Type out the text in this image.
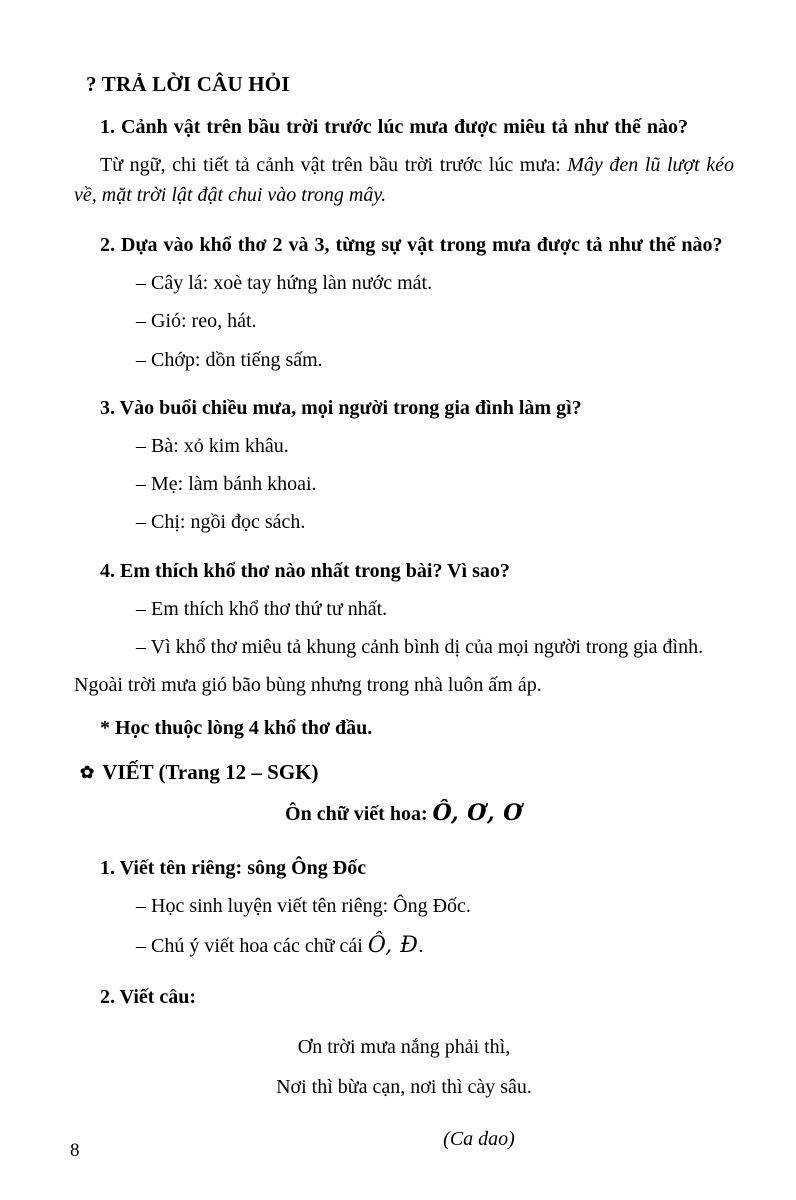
? TRẢ LỜI CÂU HỎI
1. Cảnh vật trên bầu trời trước lúc mưa được miêu tả như thế nào?
Từ ngữ, chi tiết tả cảnh vật trên bầu trời trước lúc mưa: Mây đen lũ lượt kéo về, mặt trời lật đật chui vào trong mây.
2. Dựa vào khổ thơ 2 và 3, từng sự vật trong mưa được tả như thế nào?
– Cây lá: xoè tay hứng làn nước mát.
– Gió: reo, hát.
– Chớp: dồn tiếng sấm.
3. Vào buổi chiều mưa, mọi người trong gia đình làm gì?
– Bà: xỏ kim khâu.
– Mẹ: làm bánh khoai.
– Chị: ngồi đọc sách.
4. Em thích khổ thơ nào nhất trong bài? Vì sao?
– Em thích khổ thơ thứ tư nhất.
– Vì khổ thơ miêu tả khung cảnh bình dị của mọi người trong gia đình.
Ngoài trời mưa gió bão bùng nhưng trong nhà luôn ấm áp.
* Học thuộc lòng 4 khổ thơ đầu.
✿ VIẾT (Trang 12 – SGK)
Ôn chữ viết hoa: Ô, Ơ, Ơ
1. Viết tên riêng: sông Ông Đốc
– Học sinh luyện viết tên riêng: Ông Đốc.
– Chú ý viết hoa các chữ cái Ô, Đ.
2. Viết câu:
Ơn trời mưa nắng phải thì,
Nơi thì bừa cạn, nơi thì cày sâu.
(Ca dao)
8
